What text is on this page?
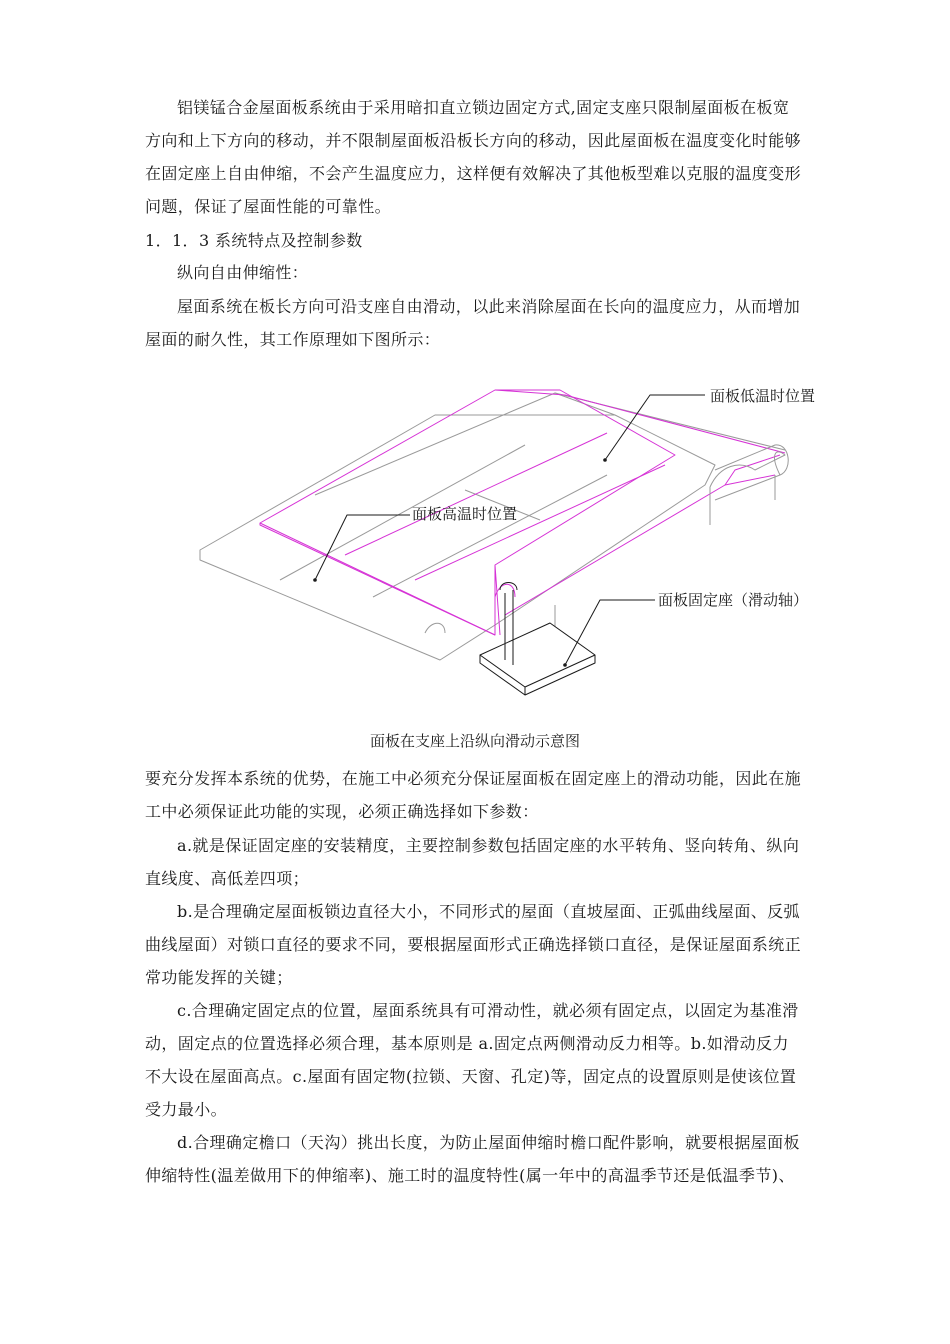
铝镁锰合金屋面板系统由于采用暗扣直立锁边固定方式,固定支座只限制屋面板在板宽
方向和上下方向的移动，并不限制屋面板沿板长方向的移动，因此屋面板在温度变化时能够
在固定座上自由伸缩，不会产生温度应力，这样便有效解决了其他板型难以克服的温度变形
问题，保证了屋面性能的可靠性。
1．1．3 系统特点及控制参数
纵向自由伸缩性：
屋面系统在板长方向可沿支座自由滑动，以此来消除屋面在长向的温度应力，从而增加
屋面的耐久性，其工作原理如下图所示：
面板低温时位置
面板高温时位置
面板固定座（滑动轴）
面板在支座上沿纵向滑动示意图
要充分发挥本系统的优势，在施工中必须充分保证屋面板在固定座上的滑动功能，因此在施
工中必须保证此功能的实现，必须正确选择如下参数：
a.就是保证固定座的安装精度，主要控制参数包括固定座的水平转角、竖向转角、纵向
直线度、高低差四项；
b.是合理确定屋面板锁边直径大小，不同形式的屋面（直坡屋面、正弧曲线屋面、反弧
曲线屋面）对锁口直径的要求不同，要根据屋面形式正确选择锁口直径，是保证屋面系统正
常功能发挥的关键；
c.合理确定固定点的位置，屋面系统具有可滑动性，就必须有固定点，以固定为基准滑
动，固定点的位置选择必须合理，基本原则是 a.固定点两侧滑动反力相等。b.如滑动反力
不大设在屋面高点。c.屋面有固定物(拉锁、天窗、孔定)等，固定点的设置原则是使该位置
受力最小。
d.合理确定檐口（天沟）挑出长度，为防止屋面伸缩时檐口配件影响，就要根据屋面板
伸缩特性(温差做用下的伸缩率)、施工时的温度特性(属一年中的高温季节还是低温季节)、
